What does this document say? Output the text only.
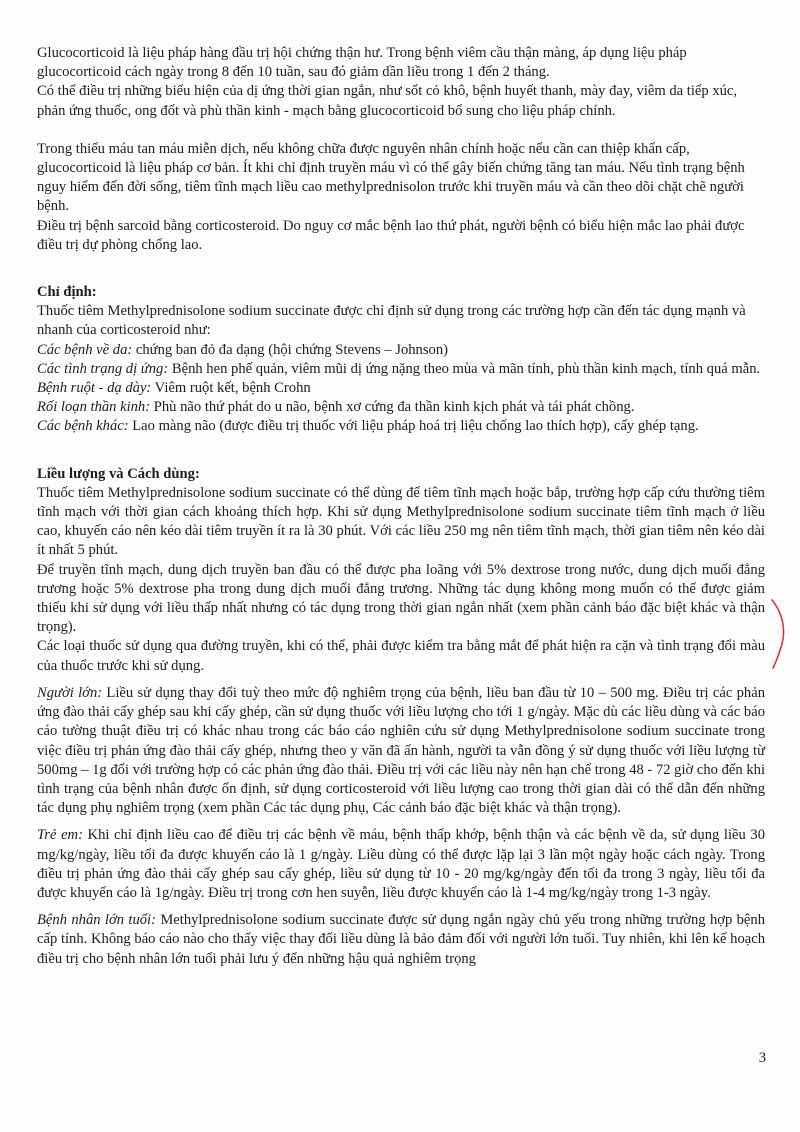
Glucocorticoid là liệu pháp hàng đầu trị hội chứng thận hư. Trong bệnh viêm cầu thận màng, áp dụng liệu pháp glucocorticoid cách ngày trong 8 đến 10 tuần, sau đó giảm dần liều trong 1 đến 2 tháng.

Có thể điều trị những biểu hiện của dị ứng thời gian ngắn, như sốt cỏ khô, bệnh huyết thanh, mày đay, viêm da tiếp xúc, phản ứng thuốc, ong đốt và phù thần kinh - mạch bằng glucocorticoid bổ sung cho liệu pháp chính.

Trong thiếu máu tan máu miễn dịch, nếu không chữa được nguyên nhân chính hoặc nếu cần can thiệp khẩn cấp, glucocorticoid là liệu pháp cơ bản. Ít khi chỉ định truyền máu vì có thể gây biến chứng tăng tan máu. Nếu tình trạng bệnh nguy hiểm đến đời sống, tiêm tĩnh mạch liều cao methylprednisolon trước khi truyền máu và cần theo dõi chặt chẽ người bệnh.

Điều trị bệnh sarcoid bằng corticosteroid. Do nguy cơ mắc bệnh lao thứ phát, người bệnh có biểu hiện mắc lao phải được điều trị dự phòng chống lao.

Chỉ định:

Thuốc tiêm Methylprednisolone sodium succinate được chỉ định sử dụng trong các trường hợp cần đến tác dụng mạnh và nhanh của corticosteroid như:

Các bệnh về da: chứng ban đỏ đa dạng (hội chứng Stevens – Johnson)

Các tình trạng dị ứng: Bệnh hen phế quản, viêm mũi dị ứng nặng theo mùa và mãn tính, phù thần kinh mạch, tính quá mẫn.

Bệnh ruột - dạ dày: Viêm ruột kết, bệnh Crohn

Rối loạn thần kinh: Phù não thứ phát do u não, bệnh xơ cứng đa thần kinh kịch phát và tái phát chồng.

Các bệnh khác: Lao màng não (được điều trị thuốc với liệu pháp hoá trị liệu chống lao thích hợp), cấy ghép tạng.

Liều lượng và Cách dùng:

Thuốc tiêm Methylprednisolone sodium succinate có thể dùng để tiêm tĩnh mạch hoặc bắp, trường hợp cấp cứu thường tiêm tĩnh mạch với thời gian cách khoảng thích hợp. Khi sử dụng Methylprednisolone sodium succinate tiêm tĩnh mạch ở liều cao, khuyến cáo nên kéo dài tiêm truyền ít ra là 30 phút. Với các liều 250 mg nên tiêm tĩnh mạch, thời gian tiêm nên kéo dài ít nhất 5 phút.

Để truyền tĩnh mạch, dung dịch truyền ban đầu có thể được pha loãng với 5% dextrose trong nước, dung dịch muối đẳng trương hoặc 5% dextrose pha trong dung dịch muối đẳng trương. Những tác dụng không mong muốn có thể được giảm thiểu khi sử dụng với liều thấp nhất nhưng có tác dụng trong thời gian ngắn nhất (xem phần cảnh báo đặc biệt khác và thận trọng).

Các loại thuốc sử dụng qua đường truyền, khi có thể, phải được kiểm tra bằng mắt để phát hiện ra cặn và tình trạng đổi màu của thuốc trước khi sử dụng.

Người lớn: Liều sử dụng thay đổi tuỳ theo mức độ nghiêm trọng của bệnh, liều ban đầu từ 10 – 500 mg. Điều trị các phản ứng đào thải cấy ghép sau khi cấy ghép, cần sử dụng thuốc với liều lượng cho tới 1 g/ngày. Mặc dù các liều dùng và các báo cáo tường thuật điều trị có khác nhau trong các báo cáo nghiên cứu sử dụng Methylprednisolone sodium succinate trong việc điều trị phản ứng đào thải cấy ghép, nhưng theo y văn đã ấn hành, người ta vẫn đồng ý sử dụng thuốc với liều lượng từ 500mg – 1g đối với trường hợp có các phản ứng đào thải. Điều trị với các liều này nên hạn chế trong 48 - 72 giờ cho đến khi tình trạng của bệnh nhân được ổn định, sử dụng corticosteroid với liều lượng cao trong thời gian dài có thể dẫn đến những tác dụng phụ nghiêm trọng (xem phần Các tác dụng phụ, Các cảnh báo đặc biệt khác và thận trọng).

Trẻ em: Khi chỉ định liều cao để điều trị các bệnh về máu, bệnh thấp khớp, bệnh thận và các bệnh về da, sử dụng liều 30 mg/kg/ngày, liều tối đa được khuyến cáo là 1 g/ngày. Liều dùng có thể được lặp lại 3 lần một ngày hoặc cách ngày. Trong điều trị phản ứng đào thải cấy ghép sau cấy ghép, liều sử dụng từ 10 - 20 mg/kg/ngày đến tối đa trong 3 ngày, liều tối đa được khuyến cáo là 1g/ngày. Điều trị trong cơn hen suyễn, liều được khuyến cáo là 1-4 mg/kg/ngày trong 1-3 ngày.

Bệnh nhân lớn tuổi: Methylprednisolone sodium succinate được sử dụng ngắn ngày chủ yếu trong những trường hợp bệnh cấp tính. Không báo cáo nào cho thấy việc thay đổi liều dùng là bảo đảm đối với người lớn tuổi. Tuy nhiên, khi lên kế hoạch điều trị cho bệnh nhân lớn tuổi phải lưu ý đến những hậu quả nghiêm trọng

3
